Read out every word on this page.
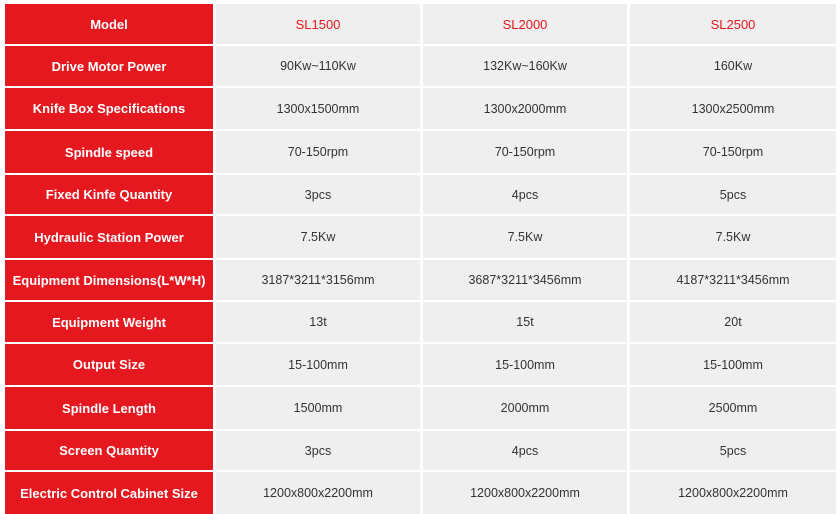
Model	SL1500	SL2000	SL2500
Drive Motor Power	90Kw~110Kw	132Kw~160Kw	160Kw
Knife Box Specifications	1300x1500mm	1300x2000mm	1300x2500mm
Spindle speed	70-150rpm	70-150rpm	70-150rpm
Fixed Kinfe Quantity	3pcs	4pcs	5pcs
Hydraulic Station Power	7.5Kw	7.5Kw	7.5Kw
Equipment Dimensions(L*W*H)	3187*3211*3156mm	3687*3211*3456mm	4187*3211*3456mm
Equipment Weight	13t	15t	20t
Output Size	15-100mm	15-100mm	15-100mm
Spindle Length	1500mm	2000mm	2500mm
Screen Quantity	3pcs	4pcs	5pcs
Electric Control Cabinet Size	1200x800x2200mm	1200x800x2200mm	1200x800x2200mm
